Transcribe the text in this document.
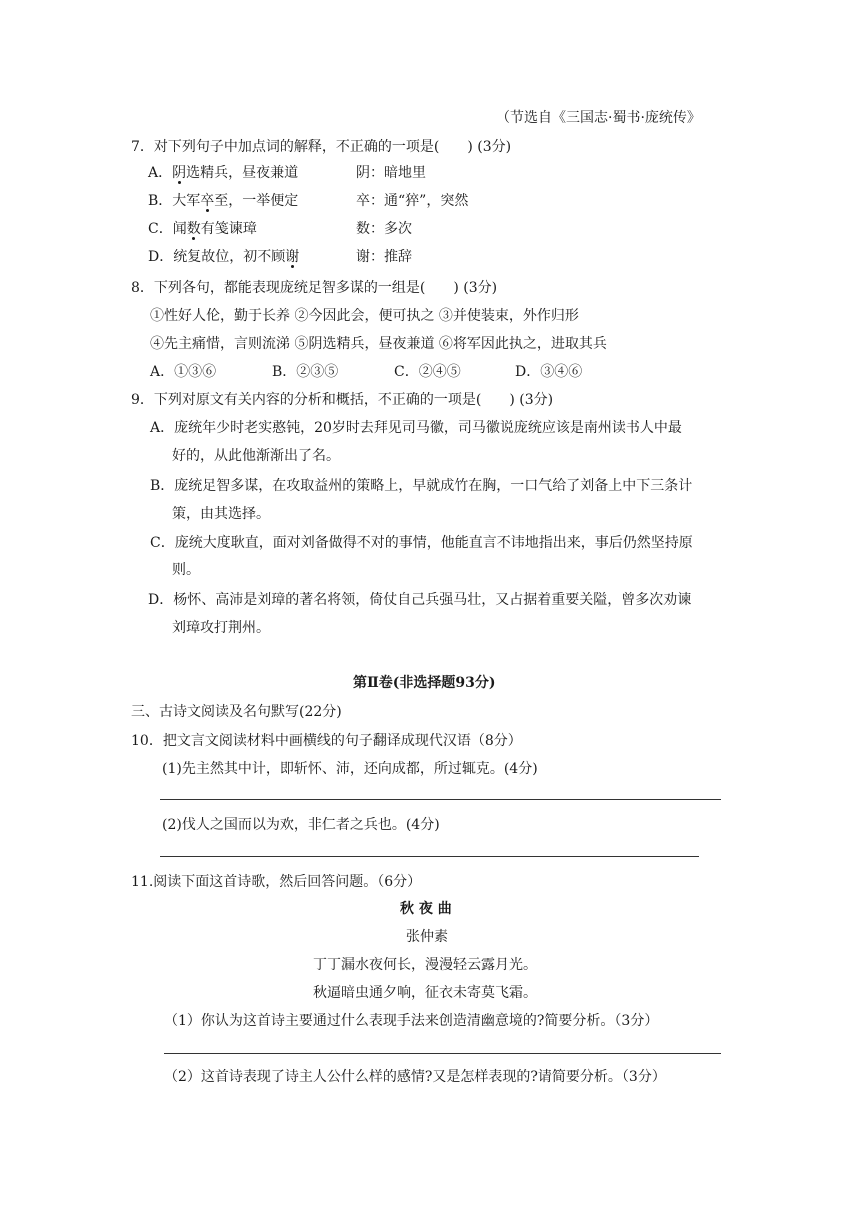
（节选自《三国志·蜀书·庞统传》
7．对下列句子中加点词的解释，不正确的一项是(　　) (3分)
A．阴选精兵，昼夜兼道	阴：暗地里
B．大军卒至，一举便定	卒：通“猝”，突然
C．闻数有笺谏璋	数：多次
D．统复故位，初不顾谢	谢：推辞
8．下列各句，都能表现庞统足智多谋的一组是(　　) (3分)
①性好人伦，勤于长养 ②今因此会，便可执之 ③并使装束，外作归形
④先主痛惜，言则流涕 ⑤阴选精兵，昼夜兼道 ⑥将军因此执之，进取其兵
A．①③⑥	B．②③⑤	C．②④⑤	D．③④⑥
9．下列对原文有关内容的分析和概括，不正确的一项是(　　) (3分)
A．庞统年少时老实憨钝，20岁时去拜见司马徽，司马徽说庞统应该是南州读书人中最
好的，从此他渐渐出了名。
B．庞统足智多谋，在攻取益州的策略上，早就成竹在胸，一口气给了刘备上中下三条计
策，由其选择。
C．庞统大度耿直，面对刘备做得不对的事情，他能直言不讳地指出来，事后仍然坚持原
则。
D．杨怀、高沛是刘璋的著名将领，倚仗自己兵强马壮，又占据着重要关隘，曾多次劝谏
刘璋攻打荆州。
第Ⅱ卷(非选择题93分)
三、古诗文阅读及名句默写(22分)
10．把文言文阅读材料中画横线的句子翻译成现代汉语（8分）
(1)先主然其中计，即斩怀、沛，还向成都，所过辄克。(4分)
(2)伐人之国而以为欢，非仁者之兵也。(4分)
11.阅读下面这首诗歌，然后回答问题。（6分）
秋 夜 曲
张仲素
丁丁漏水夜何长，漫漫轻云露月光。
秋逼暗虫通夕响，征衣未寄莫飞霜。
（1）你认为这首诗主要通过什么表现手法来创造清幽意境的?简要分析。（3分）
（2）这首诗表现了诗主人公什么样的感情?又是怎样表现的?请简要分析。（3分）
